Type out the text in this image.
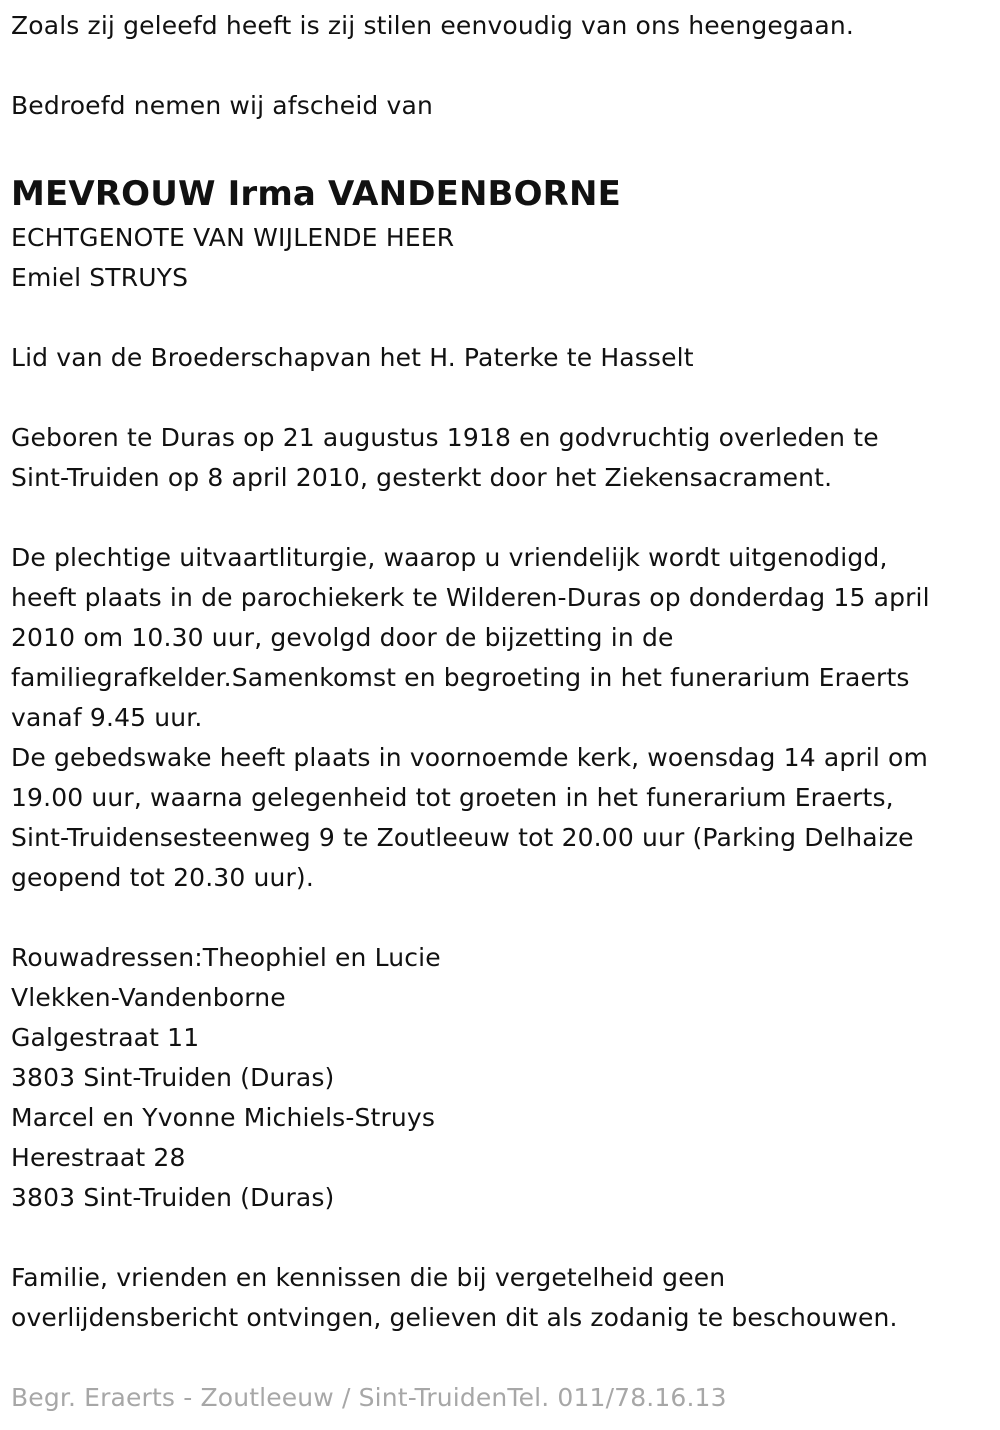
Zoals zij geleefd heeft is zij stilen eenvoudig van ons heengegaan.
Bedroefd nemen wij afscheid van
MEVROUW Irma VANDENBORNE
ECHTGENOTE VAN WIJLENDE HEER
Emiel STRUYS
Lid van de Broederschapvan het H. Paterke te Hasselt
Geboren te Duras op 21 augustus 1918 en godvruchtig overleden te
Sint-Truiden op 8 april 2010, gesterkt door het Ziekensacrament.
De plechtige uitvaartliturgie, waarop u vriendelijk wordt uitgenodigd,
heeft plaats in de parochiekerk te Wilderen-Duras op donderdag 15 april
2010 om 10.30 uur, gevolgd door de bijzetting in de
familiegrafkelder.Samenkomst en begroeting in het funerarium Eraerts
vanaf 9.45 uur.
De gebedswake heeft plaats in voornoemde kerk, woensdag 14 april om
19.00 uur, waarna gelegenheid tot groeten in het funerarium Eraerts,
Sint-Truidensesteenweg 9 te Zoutleeuw tot 20.00 uur (Parking Delhaize
geopend tot 20.30 uur).
Rouwadressen:Theophiel en Lucie
Vlekken-Vandenborne
Galgestraat 11
3803 Sint-Truiden (Duras)
Marcel en Yvonne Michiels-Struys
Herestraat 28
3803 Sint-Truiden (Duras)
Familie, vrienden en kennissen die bij vergetelheid geen
overlijdensbericht ontvingen, gelieven dit als zodanig te beschouwen.
Begr. Eraerts - Zoutleeuw / Sint-TruidenTel. 011/78.16.13
